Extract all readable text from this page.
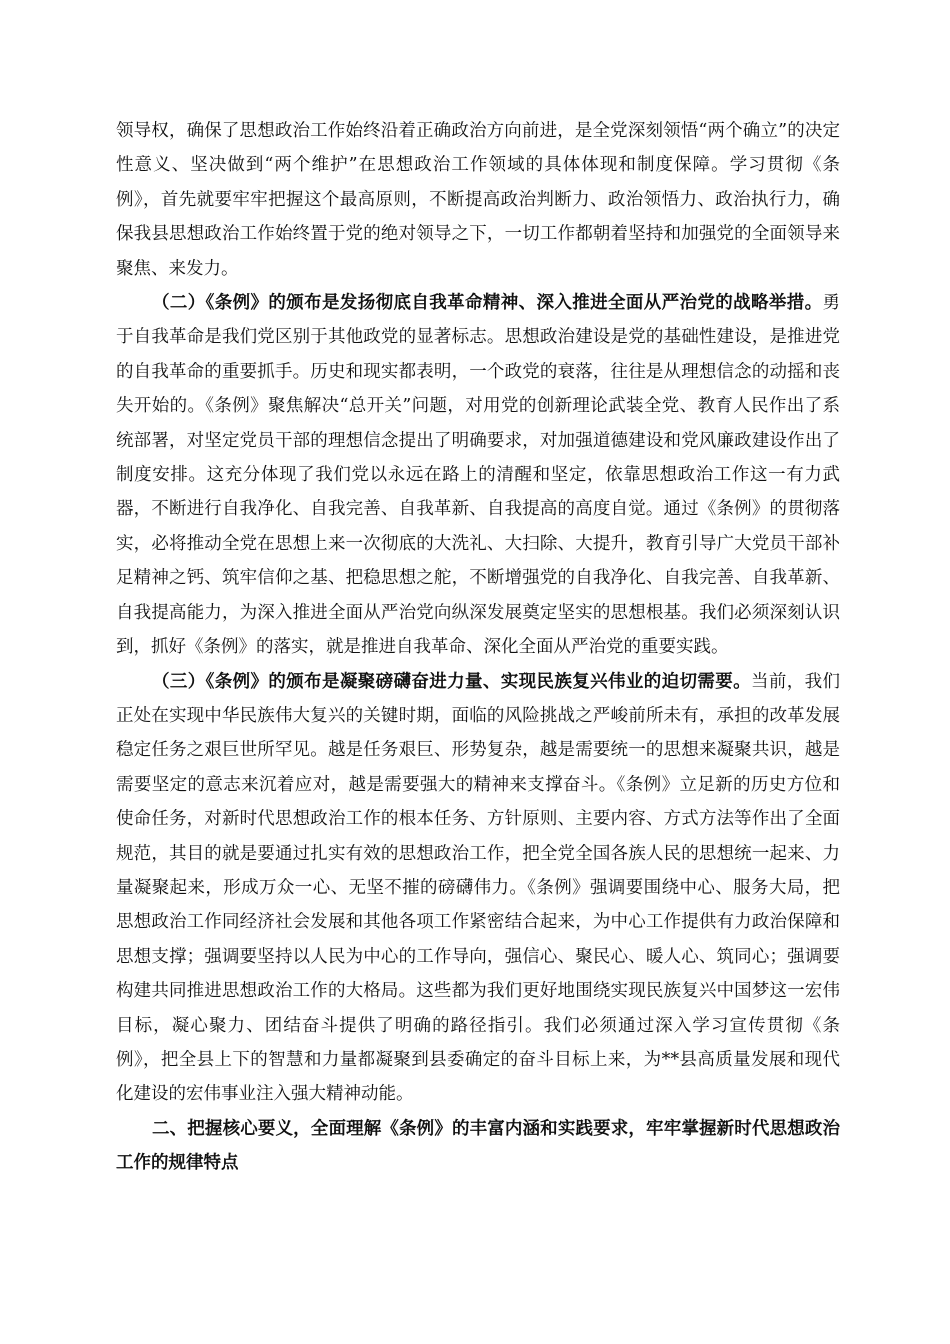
领导权，确保了思想政治工作始终沿着正确政治方向前进，是全党深刻领悟“两个确立”的决定性意义、坚决做到“两个维护”在思想政治工作领域的具体体现和制度保障。学习贯彻《条例》，首先就要牢牢把握这个最高原则，不断提高政治判断力、政治领悟力、政治执行力，确保我县思想政治工作始终置于党的绝对领导之下，一切工作都朝着坚持和加强党的全面领导来聚焦、来发力。

（二）《条例》的颁布是发扬彻底自我革命精神、深入推进全面从严治党的战略举措。勇于自我革命是我们党区别于其他政党的显著标志。思想政治建设是党的基础性建设，是推进党的自我革命的重要抓手。历史和现实都表明，一个政党的衰落，往往是从理想信念的动摇和丧失开始的。《条例》聚焦解决“总开关”问题，对用党的创新理论武装全党、教育人民作出了系统部署，对坚定党员干部的理想信念提出了明确要求，对加强道德建设和党风廉政建设作出了制度安排。这充分体现了我们党以永远在路上的清醒和坚定，依靠思想政治工作这一有力武器，不断进行自我净化、自我完善、自我革新、自我提高的高度自觉。通过《条例》的贯彻落实，必将推动全党在思想上来一次彻底的大洗礼、大扫除、大提升，教育引导广大党员干部补足精神之钙、筑牢信仰之基、把稳思想之舵，不断增强党的自我净化、自我完善、自我革新、自我提高能力，为深入推进全面从严治党向纵深发展奠定坚实的思想根基。我们必须深刻认识到，抓好《条例》的落实，就是推进自我革命、深化全面从严治党的重要实践。

（三）《条例》的颁布是凝聚磅礴奋进力量、实现民族复兴伟业的迫切需要。当前，我们正处在实现中华民族伟大复兴的关键时期，面临的风险挑战之严峻前所未有，承担的改革发展稳定任务之艰巨世所罕见。越是任务艰巨、形势复杂，越是需要统一的思想来凝聚共识，越是需要坚定的意志来沉着应对，越是需要强大的精神来支撑奋斗。《条例》立足新的历史方位和使命任务，对新时代思想政治工作的根本任务、方针原则、主要内容、方式方法等作出了全面规范，其目的就是要通过扎实有效的思想政治工作，把全党全国各族人民的思想统一起来、力量凝聚起来，形成万众一心、无坚不摧的磅礴伟力。《条例》强调要围绕中心、服务大局，把思想政治工作同经济社会发展和其他各项工作紧密结合起来，为中心工作提供有力政治保障和思想支撑；强调要坚持以人民为中心的工作导向，强信心、聚民心、暖人心、筑同心；强调要构建共同推进思想政治工作的大格局。这些都为我们更好地围绕实现民族复兴中国梦这一宏伟目标，凝心聚力、团结奋斗提供了明确的路径指引。我们必须通过深入学习宣传贯彻《条例》，把全县上下的智慧和力量都凝聚到县委确定的奋斗目标上来，为**县高质量发展和现代化建设的宏伟事业注入强大精神动能。

二、把握核心要义，全面理解《条例》的丰富内涵和实践要求，牢牢掌握新时代思想政治工作的规律特点
